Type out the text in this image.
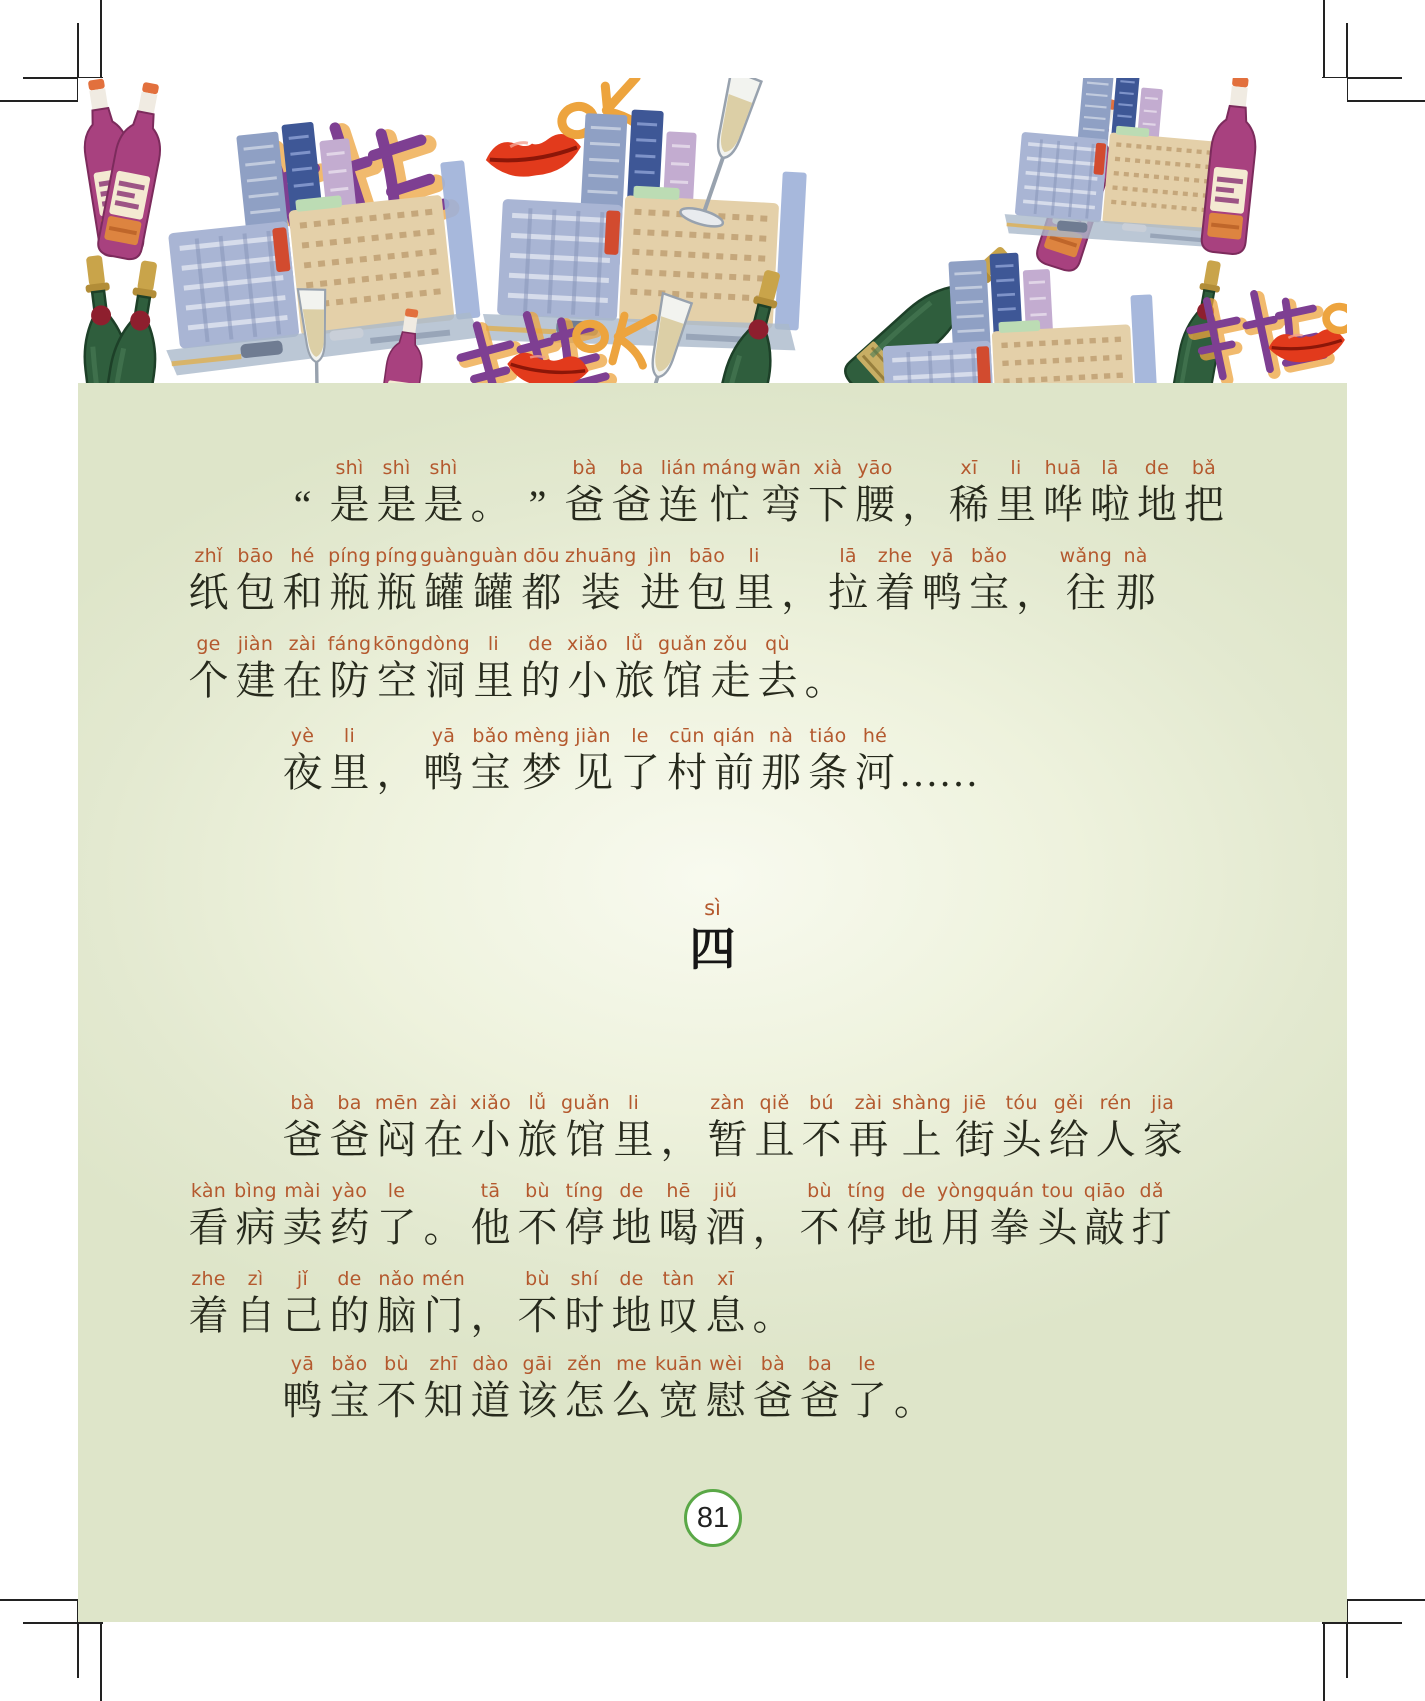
“
shì
是
shì
是
shì
是 。 ”
bà
爸
ba
爸
lián
连
máng
忙
wān
弯
xià
下
yāo
腰 ，
xī
稀
li
里
huā
哗
lā
啦
de
地
bǎ
把
zhǐ
纸
bāo
包
hé
和
píng
瓶
píng
瓶
guàn
罐
guàn
罐
dōu
都
zhuāng
装
jìn
进
bāo
包
li
里 ，
lā
拉
zhe
着
yā
鸭
bǎo
宝 ，
wǎng
往
nà
那
ge
个
jiàn
建
zài
在
fáng
防
kōng
空
dòng
洞
li
里
de
的
xiǎo
小
lǚ
旅
guǎn
馆
zǒu
走
qù
去 。
yè
夜
li
里 ，
yā
鸭
bǎo
宝
mèng
梦
jiàn
见
le
了
cūn
村
qián
前
nà
那
tiáo
条
hé
河 ……
sì
四
bà
爸
ba
爸
mēn
闷
zài
在
xiǎo
小
lǚ
旅
guǎn
馆
li
里 ，
zàn
暂
qiě
且
bú
不
zài
再
shàng
上
jiē
街
tóu
头
gěi
给
rén
人
jia
家
kàn
看
bìng
病
mài
卖
yào
药
le
了 。
tā
他
bù
不
tíng
停
de
地
hē
喝
jiǔ
酒 ，
bù
不
tíng
停
de
地
yòng
用
quán
拳
tou
头
qiāo
敲
dǎ
打
zhe
着
zì
自
jǐ
己
de
的
nǎo
脑
mén
门 ，
bù
不
shí
时
de
地
tàn
叹
xī
息 。
yā
鸭
bǎo
宝
bù
不
zhī
知
dào
道
gāi
该
zěn
怎
me
么
kuān
宽
wèi
慰
bà
爸
ba
爸
le
了 。
81
